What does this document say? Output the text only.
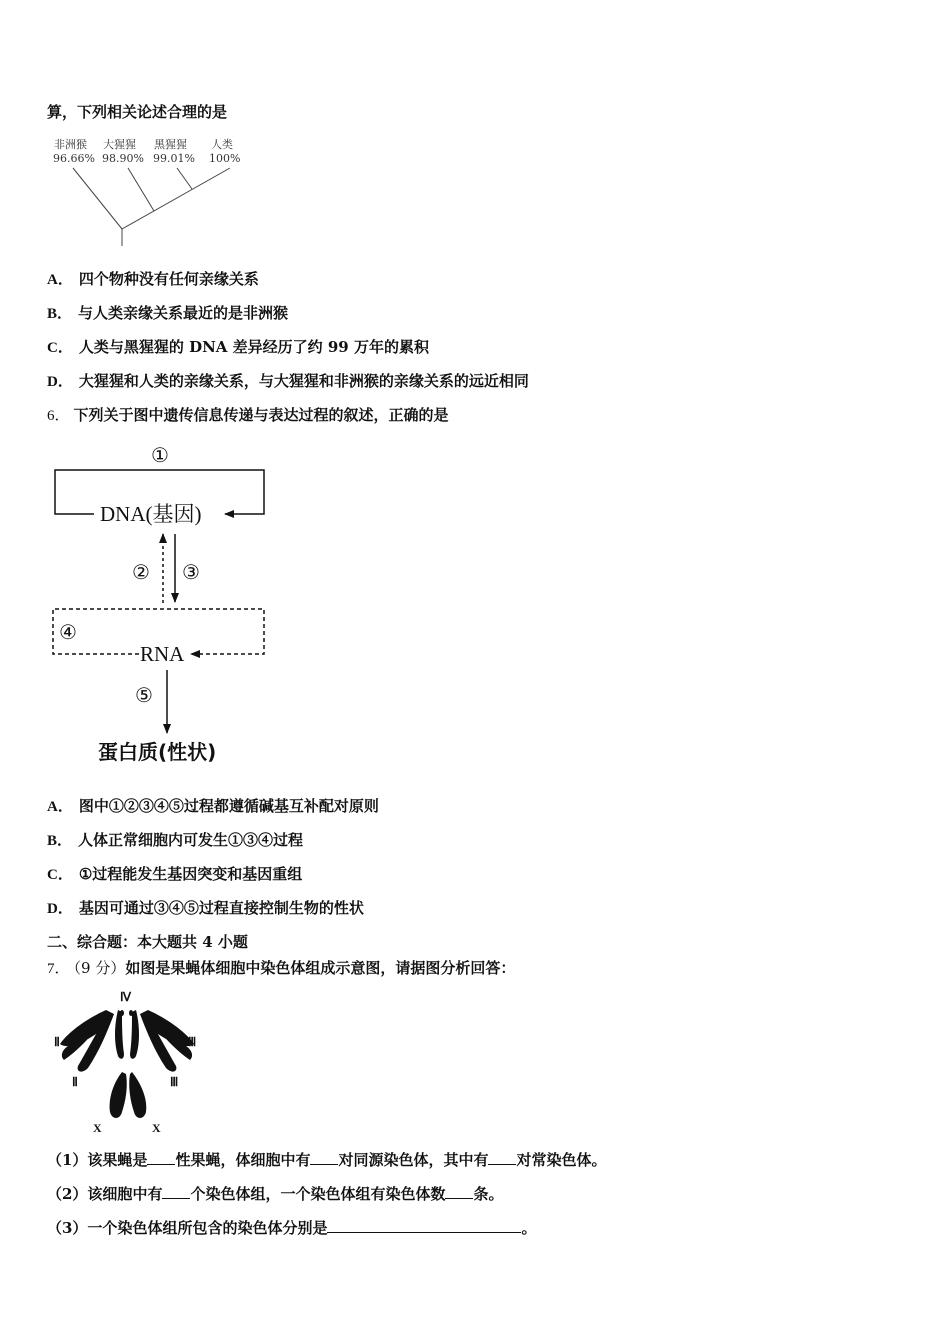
算，下列相关论述合理的是
非洲猴
96.66%
大猩猩
98.90%
黑猩猩
99.01%
人类
100%
A． 四个物种没有任何亲缘关系
B． 与人类亲缘关系最近的是非洲猴
C． 人类与黑猩猩的 DNA 差异经历了约 99 万年的累积
D． 大猩猩和人类的亲缘关系，与大猩猩和非洲猴的亲缘关系的远近相同
6． 下列关于图中遗传信息传递与表达过程的叙述，正确的是
①
DNA(基因)
② ③
④
RNA
⑤
蛋白质(性状)
A． 图中①②③④⑤过程都遵循碱基互补配对原则
B． 人体正常细胞内可发生①③④过程
C． ①过程能发生基因突变和基因重组
D． 基因可通过③④⑤过程直接控制生物的性状
二、综合题：本大题共 4 小题
7． （9 分）如图是果蝇体细胞中染色体组成示意图，请据图分析回答：
Ⅳ
Ⅱ
Ⅱ
Ⅲ
Ⅲ
X	X
（1）该果蝇是 性果蝇，体细胞中有 对同源染色体，其中有 对常染色体。
（2）该细胞中有 个染色体组，一个染色体组有染色体数 条。
（3）一个染色体组所包含的染色体分别是	。
